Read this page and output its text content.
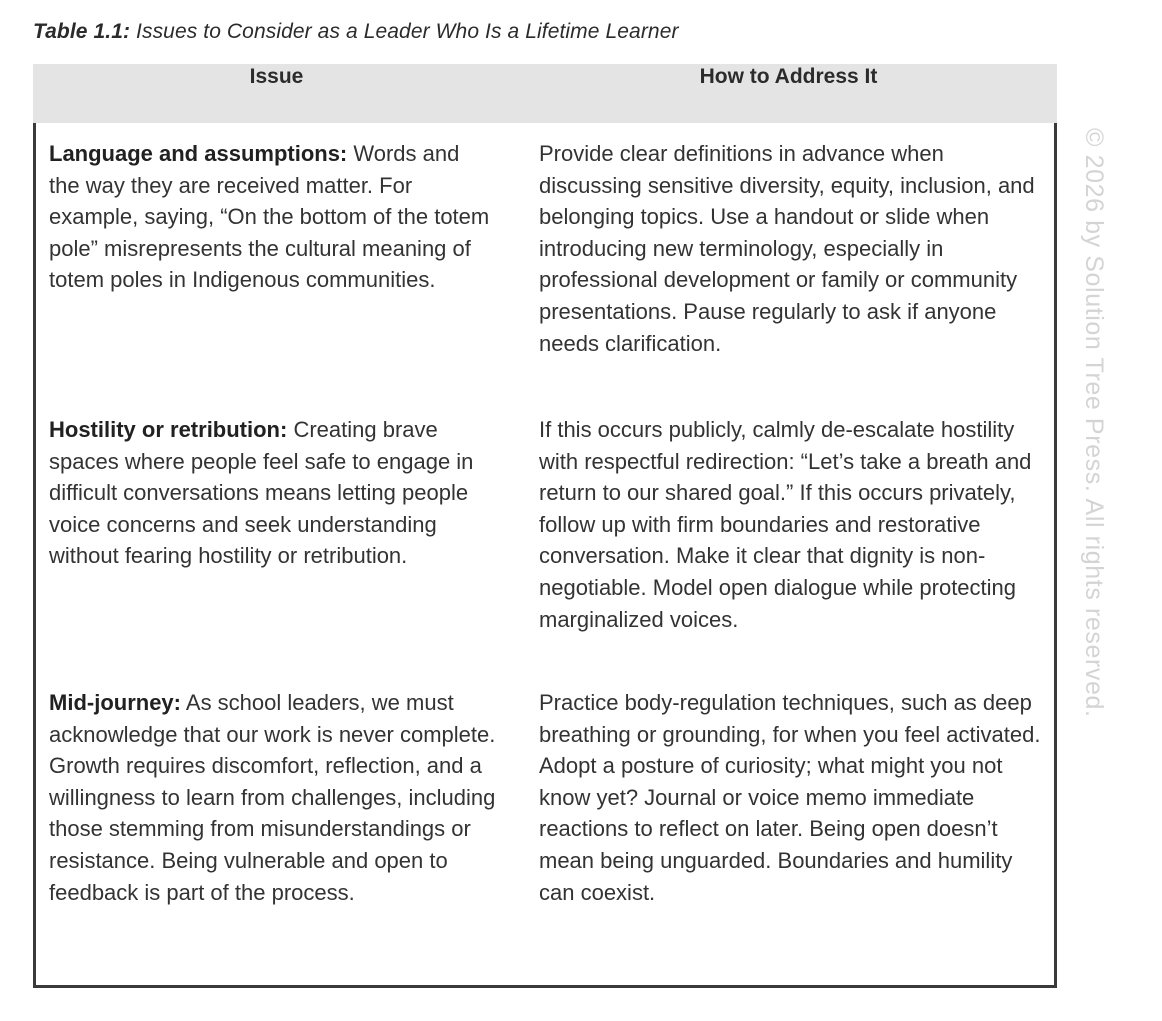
Table 1.1: Issues to Consider as a Leader Who Is a Lifetime Learner
Issue	How to Address It
Language and assumptions: Words and the way they are received matter. For example, saying, “On the bottom of the totem pole” misrepresents the cultural meaning of totem poles in Indigenous communities.	Provide clear definitions in advance when discussing sensitive diversity, equity, inclusion, and belonging topics. Use a handout or slide when introducing new terminology, especially in professional development or family or community presentations. Pause regularly to ask if anyone needs clarification.
Hostility or retribution: Creating brave spaces where people feel safe to engage in difficult conversations means letting people voice concerns and seek understanding without fearing hostility or retribution.	If this occurs publicly, calmly de-escalate hostility with respectful redirection: “Let’s take a breath and return to our shared goal.” If this occurs privately, follow up with firm boundaries and restorative conversation. Make it clear that dignity is non-negotiable. Model open dialogue while protecting marginalized voices.
Mid-journey: As school leaders, we must acknowledge that our work is never complete. Growth requires discomfort, reflection, and a willingness to learn from challenges, including those stemming from misunderstandings or resistance. Being vulnerable and open to feedback is part of the process.	Practice body-regulation techniques, such as deep breathing or grounding, for when you feel activated. Adopt a posture of curiosity; what might you not know yet? Journal or voice memo immediate reactions to reflect on later. Being open doesn’t mean being unguarded. Boundaries and humility can coexist.
© 2026 by Solution Tree Press. All rights reserved.
